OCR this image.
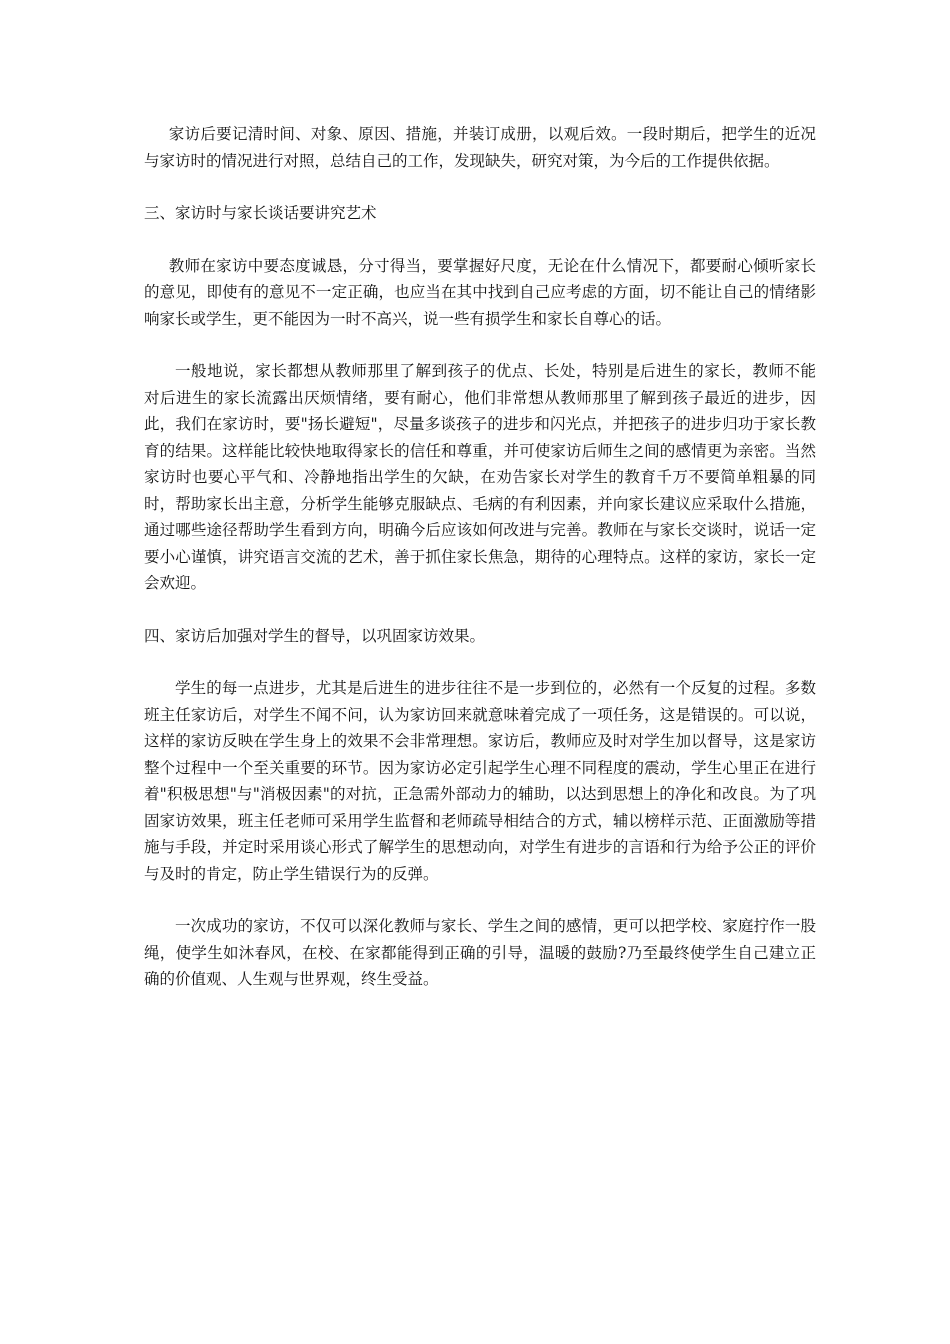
家访后要记清时间、对象、原因、措施，并装订成册，以观后效。一段时期后，把学生的近况与家访时的情况进行对照，总结自己的工作，发现缺失，研究对策，为今后的工作提供依据。

三、家访时与家长谈话要讲究艺术

教师在家访中要态度诚恳，分寸得当，要掌握好尺度，无论在什么情况下，都要耐心倾听家长的意见，即使有的意见不一定正确，也应当在其中找到自己应考虑的方面，切不能让自己的情绪影响家长或学生，更不能因为一时不高兴，说一些有损学生和家长自尊心的话。

一般地说，家长都想从教师那里了解到孩子的优点、长处，特别是后进生的家长，教师不能　对后进生的家长流露出厌烦情绪，要有耐心，他们非常想从教师那里了解到孩子最近的进步，因此，我们在家访时，要"扬长避短"，尽量多谈孩子的进步和闪光点，并把孩子的进步归功于家长教育的结果。这样能比较快地取得家长的信任和尊重，并可使家访后师生之间的感情更为亲密。当然家访时也要心平气和、冷静地指出学生的欠缺，在劝告家长对学生的教育千万不要简单粗暴的同时，帮助家长出主意，分析学生能够克服缺点、毛病的有利因素，并向家长建议应采取什么措施，通过哪些途径帮助学生看到方向，明确今后应该如何改进与完善。教师在与家长交谈时，说话一定要小心谨慎，讲究语言交流的艺术，善于抓住家长焦急，期待的心理特点。这样的家访，家长一定会欢迎。

四、家访后加强对学生的督导，以巩固家访效果。

学生的每一点进步，尤其是后进生的进步往往不是一步到位的，必然有一个反复的过程。多数班主任家访后，对学生不闻不问，认为家访回来就意味着完成了一项任务，这是错误的。可以说，这样的家访反映在学生身上的效果不会非常理想。家访后，教师应及时对学生加以督导，这是家访整个过程中一个至关重要的环节。因为家访必定引起学生心理不同程度的震动，学生心里正在进行着"积极思想"与"消极因素"的对抗，正急需外部动力的辅助，以达到思想上的净化和改良。为了巩固家访效果，班主任老师可采用学生监督和老师疏导相结合的方式，辅以榜样示范、正面激励等措施与手段，并定时采用谈心形式了解学生的思想动向，对学生有进步的言语和行为给予公正的评价与及时的肯定，防止学生错误行为的反弹。

一次成功的家访，不仅可以深化教师与家长、学生之间的感情，更可以把学校、家庭拧作一股绳，使学生如沐春风，在校、在家都能得到正确的引导，温暖的鼓励?乃至最终使学生自己建立正确的价值观、人生观与世界观，终生受益。
